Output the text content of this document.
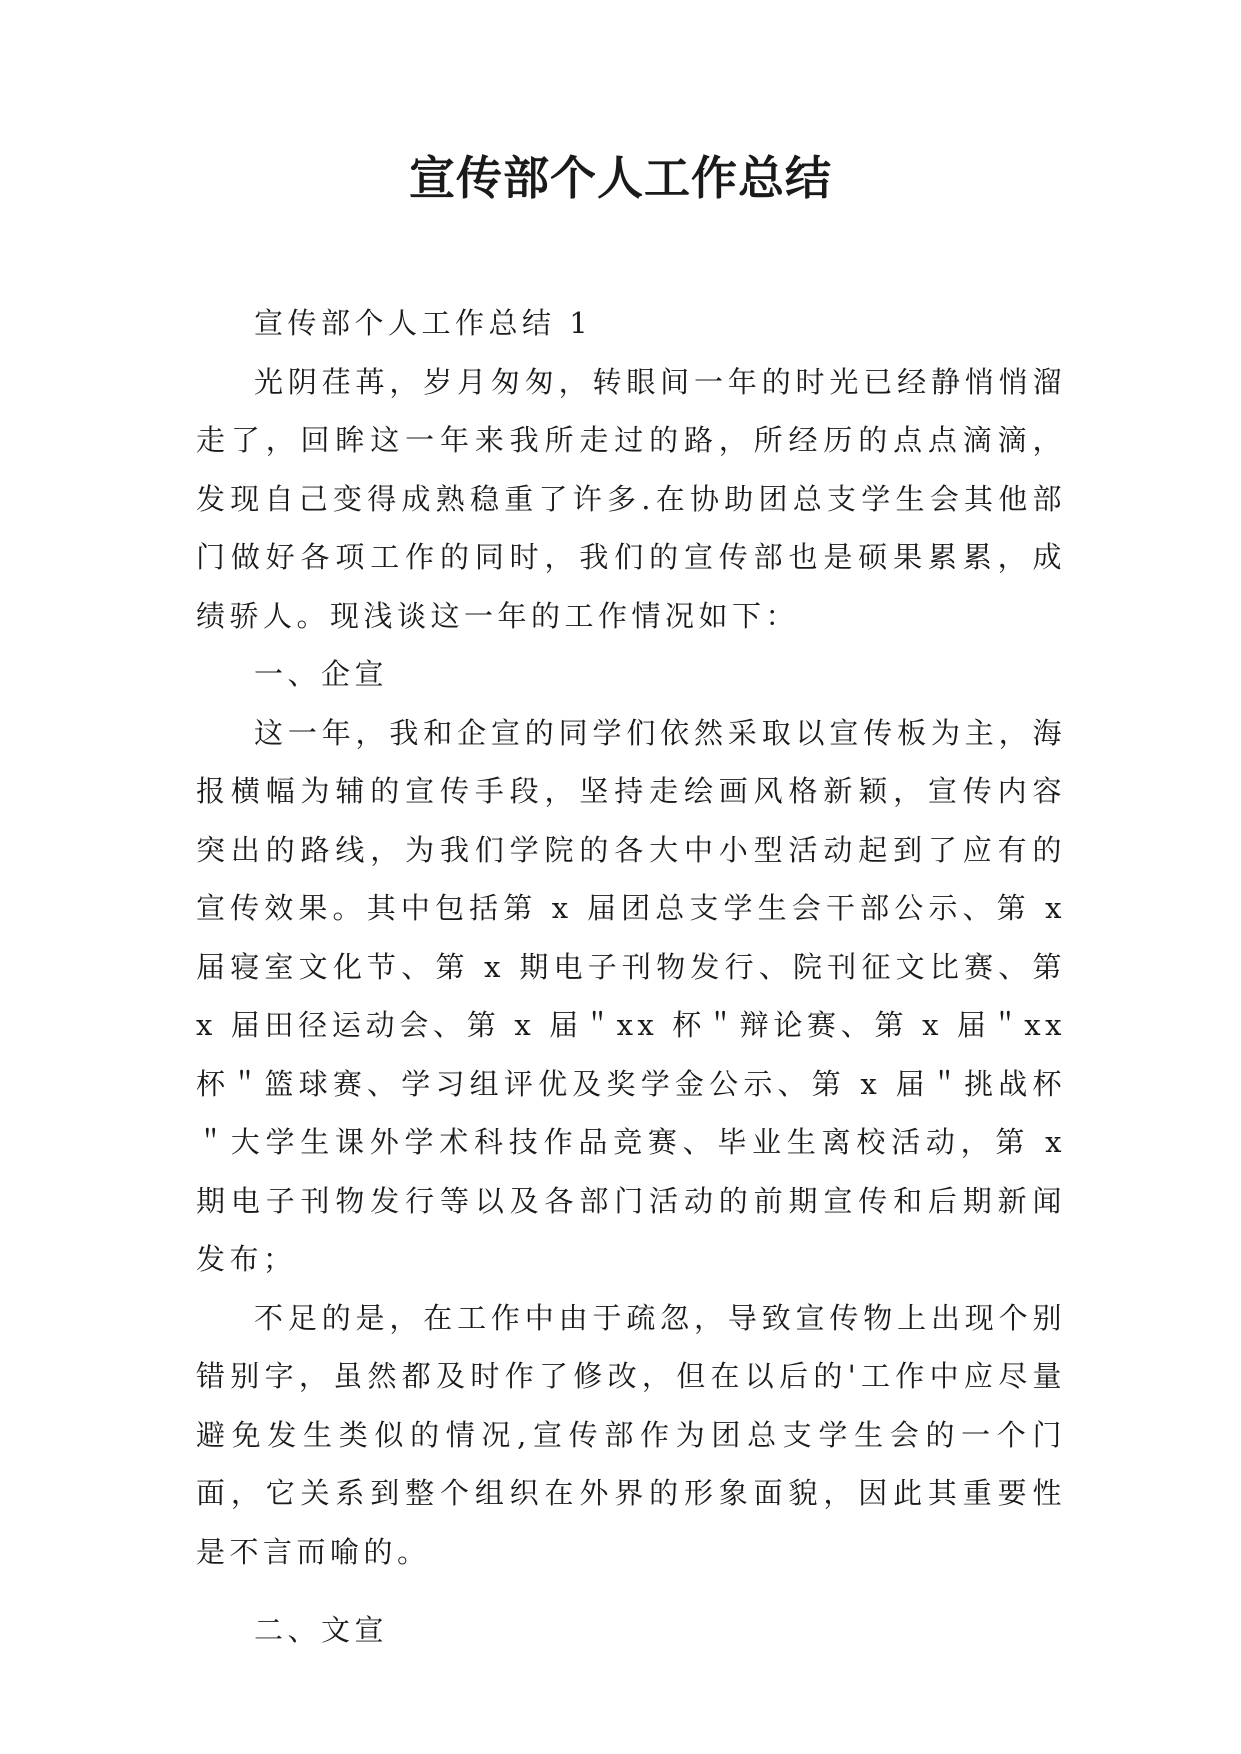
宣传部个人工作总结

宣传部个人工作总结 1

光阴荏苒，岁月匆匆，转眼间一年的时光已经静悄悄溜走了，回眸这一年来我所走过的路，所经历的点点滴滴，发现自己变得成熟稳重了许多.在协助团总支学生会其他部门做好各项工作的同时，我们的宣传部也是硕果累累，成绩骄人。现浅谈这一年的工作情况如下：

一、企宣

这一年，我和企宣的同学们依然采取以宣传板为主，海报横幅为辅的宣传手段，坚持走绘画风格新颖，宣传内容突出的路线，为我们学院的各大中小型活动起到了应有的宣传效果。其中包括第 x 届团总支学生会干部公示、第 x 届寝室文化节、第 x 期电子刊物发行、院刊征文比赛、第 x 届田径运动会、第 x 届＂xx 杯＂辩论赛、第 x 届＂xx 杯＂篮球赛、学习组评优及奖学金公示、第 x 届＂挑战杯＂大学生课外学术科技作品竞赛、毕业生离校活动，第 x 期电子刊物发行等以及各部门活动的前期宣传和后期新闻发布；

不足的是，在工作中由于疏忽，导致宣传物上出现个别错别字，虽然都及时作了修改，但在以后的'工作中应尽量避免发生类似的情况,宣传部作为团总支学生会的一个门面，它关系到整个组织在外界的形象面貌，因此其重要性是不言而喻的。

二、文宣
